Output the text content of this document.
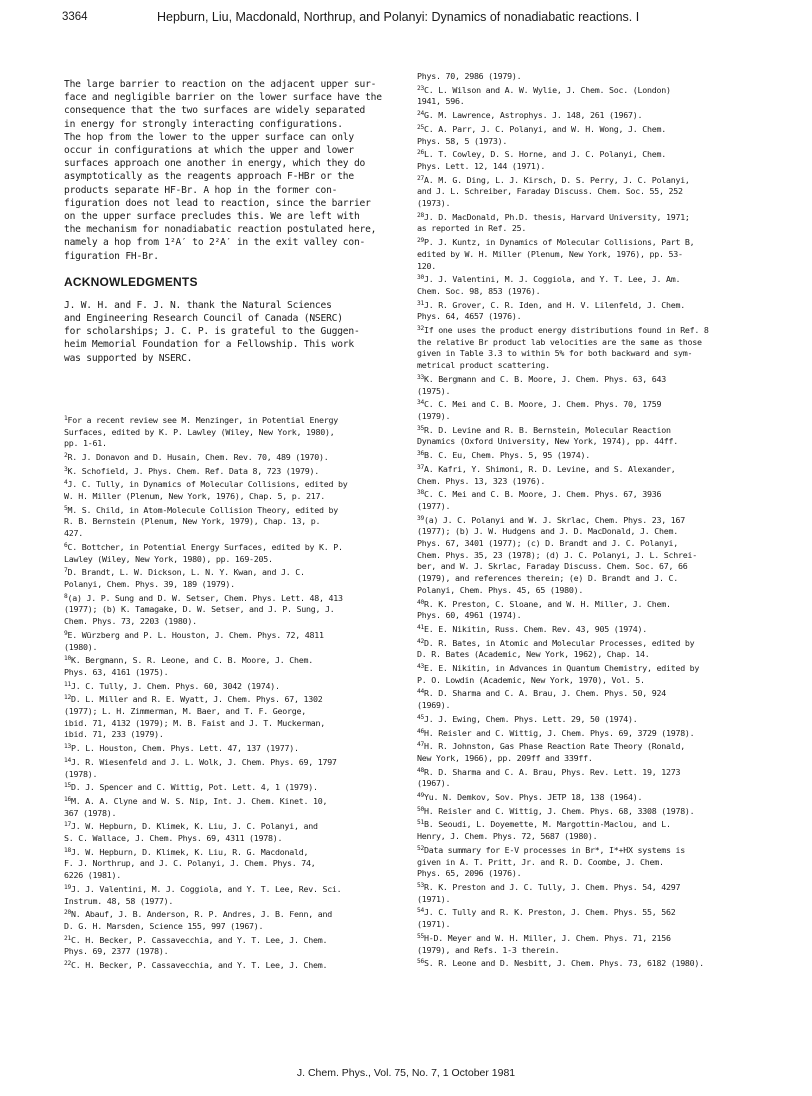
3364	Hepburn, Liu, Macdonald, Northrup, and Polanyi: Dynamics of nonadiabatic reactions. I

The large barrier to reaction on the adjacent upper sur-
face and negligible barrier on the lower surface have the
consequence that the two surfaces are widely separated
in energy for strongly interacting configurations.

The hop from the lower to the upper surface can only
occur in configurations at which the upper and lower
surfaces approach one another in energy, which they do
asymptotically as the reagents approach F-HBr or the
products separate HF-Br. A hop in the former con-
figuration does not lead to reaction, since the barrier
on the upper surface precludes this. We are left with
the mechanism for nonadiabatic reaction postulated here,
namely a hop from 1²A′ to 2²A′ in the exit valley con-
figuration FH-Br.

ACKNOWLEDGMENTS

J. W. H. and F. J. N. thank the Natural Sciences
and Engineering Research Council of Canada (NSERC)
for scholarships; J. C. P. is grateful to the Guggen-
heim Memorial Foundation for a Fellowship. This work
was supported by NSERC.

$^1$For a recent review see M. Menzinger, in Potential Energy
Surfaces, edited by K. P. Lawley (Wiley, New York, 1980),
pp. 1-61.

$^2$R. J. Donavon and D. Husain, Chem. Rev. 70, 489 (1970).

$^3$K. Schofield, J. Phys. Chem. Ref. Data 8, 723 (1979).

$^4$J. C. Tully, in Dynamics of Molecular Collisions, edited by
W. H. Miller (Plenum, New York, 1976), Chap. 5, p. 217.

$^5$M. S. Child, in Atom-Molecule Collision Theory, edited by
R. B. Bernstein (Plenum, New York, 1979), Chap. 13, p.
427.

$^6$C. Bottcher, in Potential Energy Surfaces, edited by K. P.
Lawley (Wiley, New York, 1980), pp. 169-205.

$^7$D. Brandt, L. W. Dickson, L. N. Y. Kwan, and J. C.
Polanyi, Chem. Phys. 39, 189 (1979).

$^8$(a) J. P. Sung and D. W. Setser, Chem. Phys. Lett. 48, 413
(1977); (b) K. Tamagake, D. W. Setser, and J. P. Sung, J.
Chem. Phys. 73, 2203 (1980).

$^9$E. Würzberg and P. L. Houston, J. Chem. Phys. 72, 4811
(1980).

$^{10}$K. Bergmann, S. R. Leone, and C. B. Moore, J. Chem.
Phys. 63, 4161 (1975).

$^{11}$J. C. Tully, J. Chem. Phys. 60, 3042 (1974).

$^{12}$D. L. Miller and R. E. Wyatt, J. Chem. Phys. 67, 1302
(1977); L. H. Zimmerman, M. Baer, and T. F. George,
ibid. 71, 4132 (1979); M. B. Faist and J. T. Muckerman,
ibid. 71, 233 (1979).

$^{13}$P. L. Houston, Chem. Phys. Lett. 47, 137 (1977).

$^{14}$J. R. Wiesenfeld and J. L. Wolk, J. Chem. Phys. 69, 1797
(1978).

$^{15}$D. J. Spencer and C. Wittig, Pot. Lett. 4, 1 (1979).

$^{16}$M. A. A. Clyne and W. S. Nip, Int. J. Chem. Kinet. 10,
367 (1978).

$^{17}$J. W. Hepburn, D. Klimek, K. Liu, J. C. Polanyi, and
S. C. Wallace, J. Chem. Phys. 69, 4311 (1978).

$^{18}$J. W. Hepburn, D. Klimek, K. Liu, R. G. Macdonald,
F. J. Northrup, and J. C. Polanyi, J. Chem. Phys. 74,
6226 (1981).

$^{19}$J. J. Valentini, M. J. Coggiola, and Y. T. Lee, Rev. Sci.
Instrum. 48, 58 (1977).

$^{20}$N. Abauf, J. B. Anderson, R. P. Andres, J. B. Fenn, and
D. G. H. Marsden, Science 155, 997 (1967).

$^{21}$C. H. Becker, P. Cassavecchia, and Y. T. Lee, J. Chem.
Phys. 69, 2377 (1978).

$^{22}$C. H. Becker, P. Cassavecchia, and Y. T. Lee, J. Chem.

Phys. 70, 2986 (1979).

$^{23}$C. L. Wilson and A. W. Wylie, J. Chem. Soc. (London)
1941, 596.

$^{24}$G. M. Lawrence, Astrophys. J. 148, 261 (1967).

$^{25}$C. A. Parr, J. C. Polanyi, and W. H. Wong, J. Chem.
Phys. 58, 5 (1973).

$^{26}$L. T. Cowley, D. S. Horne, and J. C. Polanyi, Chem.
Phys. Lett. 12, 144 (1971).

$^{27}$A. M. G. Ding, L. J. Kirsch, D. S. Perry, J. C. Polanyi,
and J. L. Schreiber, Faraday Discuss. Chem. Soc. 55, 252
(1973).

$^{28}$J. D. MacDonald, Ph.D. thesis, Harvard University, 1971;
as reported in Ref. 25.

$^{29}$P. J. Kuntz, in Dynamics of Molecular Collisions, Part B,
edited by W. H. Miller (Plenum, New York, 1976), pp. 53-
120.

$^{30}$J. J. Valentini, M. J. Coggiola, and Y. T. Lee, J. Am.
Chem. Soc. 98, 853 (1976).

$^{31}$J. R. Grover, C. R. Iden, and H. V. Lilenfeld, J. Chem.
Phys. 64, 4657 (1976).

$^{32}$If one uses the product energy distributions found in Ref. 8
the relative Br product lab velocities are the same as those
given in Table 3.3 to within 5% for both backward and sym-
metrical product scattering.

$^{33}$K. Bergmann and C. B. Moore, J. Chem. Phys. 63, 643
(1975).

$^{34}$C. C. Mei and C. B. Moore, J. Chem. Phys. 70, 1759
(1979).

$^{35}$R. D. Levine and R. B. Bernstein, Molecular Reaction
Dynamics (Oxford University, New York, 1974), pp. 44ff.

$^{36}$B. C. Eu, Chem. Phys. 5, 95 (1974).

$^{37}$A. Kafri, Y. Shimoni, R. D. Levine, and S. Alexander,
Chem. Phys. 13, 323 (1976).

$^{38}$C. C. Mei and C. B. Moore, J. Chem. Phys. 67, 3936
(1977).

$^{39}$(a) J. C. Polanyi and W. J. Skrlac, Chem. Phys. 23, 167
(1977); (b) J. W. Hudgens and J. D. MacDonald, J. Chem.
Phys. 67, 3401 (1977); (c) D. Brandt and J. C. Polanyi,
Chem. Phys. 35, 23 (1978); (d) J. C. Polanyi, J. L. Schrei-
ber, and W. J. Skrlac, Faraday Discuss. Chem. Soc. 67, 66
(1979), and references therein; (e) D. Brandt and J. C.
Polanyi, Chem. Phys. 45, 65 (1980).

$^{40}$R. K. Preston, C. Sloane, and W. H. Miller, J. Chem.
Phys. 60, 4961 (1974).

$^{41}$E. E. Nikitin, Russ. Chem. Rev. 43, 905 (1974).

$^{42}$D. R. Bates, in Atomic and Molecular Processes, edited by
D. R. Bates (Academic, New York, 1962), Chap. 14.

$^{43}$E. E. Nikitin, in Advances in Quantum Chemistry, edited by
P. O. Lowdin (Academic, New York, 1970), Vol. 5.

$^{44}$R. D. Sharma and C. A. Brau, J. Chem. Phys. 50, 924
(1969).

$^{45}$J. J. Ewing, Chem. Phys. Lett. 29, 50 (1974).

$^{46}$H. Reisler and C. Wittig, J. Chem. Phys. 69, 3729 (1978).

$^{47}$H. R. Johnston, Gas Phase Reaction Rate Theory (Ronald,
New York, 1966), pp. 209ff and 339ff.

$^{48}$R. D. Sharma and C. A. Brau, Phys. Rev. Lett. 19, 1273
(1967).

$^{49}$Yu. N. Demkov, Sov. Phys. JETP 18, 138 (1964).

$^{50}$H. Reisler and C. Wittig, J. Chem. Phys. 68, 3308 (1978).

$^{51}$B. Seoudi, L. Doyemette, M. Margottin-Maclou, and L.
Henry, J. Chem. Phys. 72, 5687 (1980).

$^{52}$Data summary for E-V processes in Br*, I*+HX systems is
given in A. T. Pritt, Jr. and R. D. Coombe, J. Chem.
Phys. 65, 2096 (1976).

$^{53}$R. K. Preston and J. C. Tully, J. Chem. Phys. 54, 4297
(1971).

$^{54}$J. C. Tully and R. K. Preston, J. Chem. Phys. 55, 562
(1971).

$^{55}$H-D. Meyer and W. H. Miller, J. Chem. Phys. 71, 2156
(1979), and Refs. 1-3 therein.

$^{56}$S. R. Leone and D. Nesbitt, J. Chem. Phys. 73, 6182 (1980).

J. Chem. Phys., Vol. 75, No. 7, 1 October 1981
